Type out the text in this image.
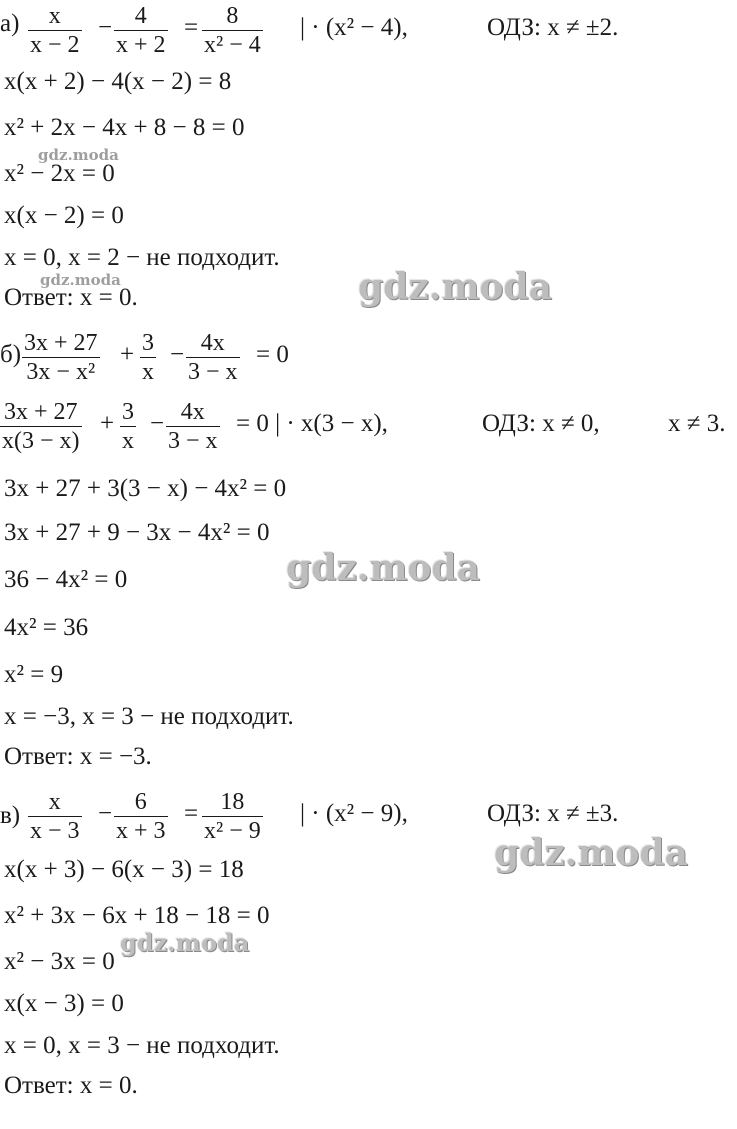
а)	x
x − 2
− 4
x + 2
=	8
x² − 4
| · (x² − 4),	ОДЗ: x ≠ ±2.
x(x + 2) − 4(x − 2) = 8
x² + 2x − 4x + 8 − 8 = 0
x² − 2x = 0
x(x − 2) = 0
x = 0, x = 2 − не подходит.
Ответ: x = 0.
б) 3x + 27
3x − x²
+ 3
x
− 4x
3 − x
= 0
3x + 27
x(3 − x)
+ 3
x
− 4x
3 − x
= 0 | · x(3 − x),	ОДЗ: x ≠ 0,	x ≠ 3.
3x + 27 + 3(3 − x) − 4x² = 0
3x + 27 + 9 − 3x − 4x² = 0
36 − 4x² = 0
4x² = 36
x² = 9
x = −3, x = 3 − не подходит.
Ответ: x = −3.
в)	x
x − 3
− 6
x + 3
= 18
x² − 9
| · (x² − 9),	ОДЗ: x ≠ ±3.
x(x + 3) − 6(x − 3) = 18
x² + 3x − 6x + 18 − 18 = 0
x² − 3x = 0
x(x − 3) = 0
x = 0, x = 3 − не подходит.
Ответ: x = 0.
gdz.moda
gdz.moda	gdz.moda
gdz.moda
gdz.moda
gdz.moda
